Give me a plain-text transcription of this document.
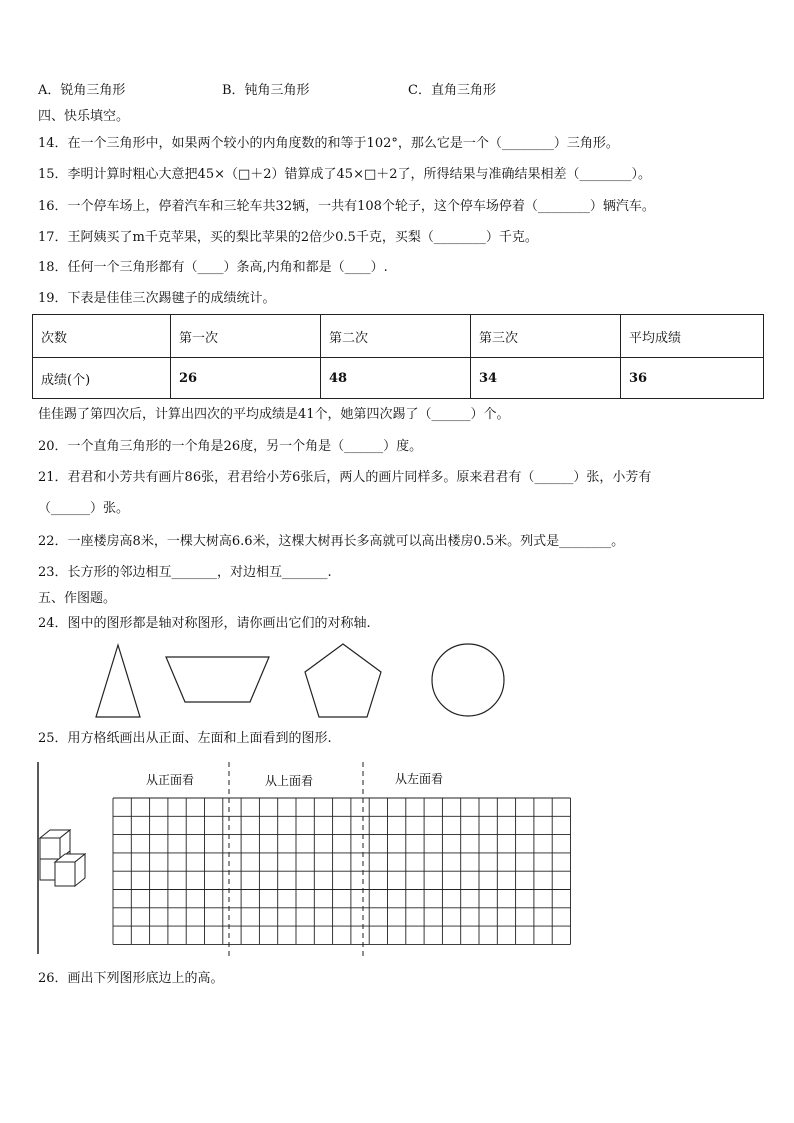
A．锐角三角形	B．钝角三角形	C．直角三角形
四、快乐填空。
14．在一个三角形中，如果两个较小的内角度数的和等于102°，那么它是一个（________）三角形。
15．李明计算时粗心大意把45×（□＋2）错算成了45×□＋2了，所得结果与准确结果相差（________）。
16．一个停车场上，停着汽车和三轮车共32辆，一共有108个轮子，这个停车场停着（________）辆汽车。
17．王阿姨买了m千克苹果，买的梨比苹果的2倍少0.5千克，买梨（________）千克。
18．任何一个三角形都有（____）条高,内角和都是（____）.
19．下表是佳佳三次踢毽子的成绩统计。
次数	第一次	第二次	第三次	平均成绩
成绩(个)	26	48	34	36
佳佳踢了第四次后，计算出四次的平均成绩是41个，她第四次踢了（______）个。
20．一个直角三角形的一个角是26度，另一个角是（______）度。
21．君君和小芳共有画片86张，君君给小芳6张后，两人的画片同样多。原来君君有（______）张，小芳有
（______）张。
22．一座楼房高8米，一棵大树高6.6米，这棵大树再长多高就可以高出楼房0.5米。列式是________。
23．长方形的邻边相互_______，对边相互_______.
五、作图题。
24．图中的图形都是轴对称图形，请你画出它们的对称轴.
25．用方格纸画出从正面、左面和上面看到的图形.
从正面看	从上面看	从左面看
26．画出下列图形底边上的高。
